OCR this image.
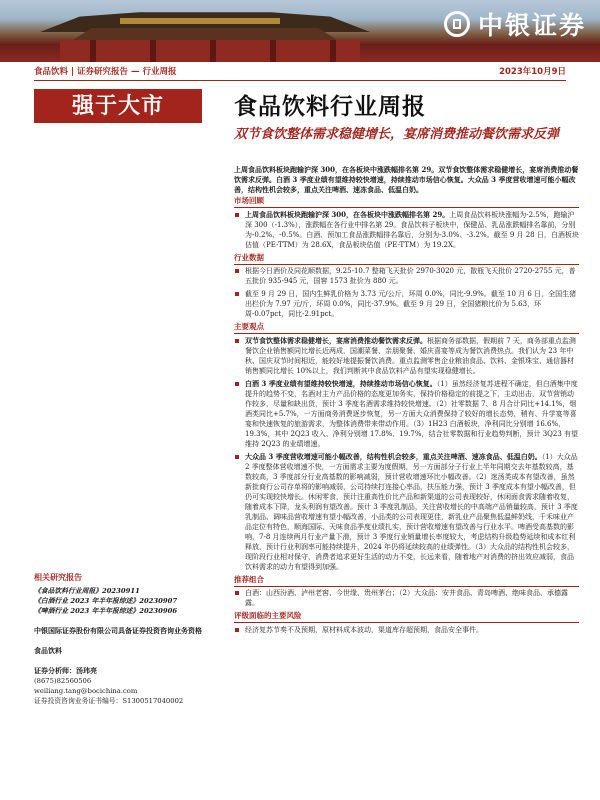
中银证券
食品饮料 | 证券研究报告 — 行业周报	2023年10月9日
强于大市	食品饮料行业周报
双节食饮整体需求稳健增长，宴席消费推动餐饮需求反弹
上周食品饮料板块跑输沪深 300，在各板块中涨跌幅排名第 29。双节食饮整体需求稳健增长，宴席消费推动餐饮需求反弹。白酒 3 季度业绩有望维持较快增速，持续推动市场信心恢复。大众品 3 季度营收增速可能小幅改善，结构性机会较多，重点关注啤酒、速冻食品、低温白奶。
市场回顾
上周食品饮料板块跑输沪深 300，在各板块中涨跌幅排名第 29。上周食品饮料板块涨幅为-2.5%，跑输沪深 300（-1.3%），涨跌幅在各行业中排名第 29。食品饮料子板块中，保健品、乳品涨跌幅排名靠前，分别为-0.2%、-0.5%。白酒、预加工食品涨跌幅排名靠后，分别为-3.0%、-3.2%。截至 9 月 28 日，白酒板块估值（PE-TTM）为 28.6X，食品板块估值（PE-TTM）为 19.2X。
行业数据
根据今日酒价及同花顺数据，9.25-10.7 整箱飞天批价 2970-3020 元，散瓶飞天批价 2720-2755 元，普五批价 935-945 元，国窖 1573 批价为 880 元。
截至 9 月 29 日，国内生鲜乳价格为 3.73 元/公斤，环周 0.0%，同比-9.9%。截至 10 月 6 日，全国生猪出栏价为 7.97 元/斤，环周 0.0%，同比-37.9%。截至 9 月 29 日，全国猪粮比价为 5.63，环周-0.07pct，同比-2.91pct。
主要观点
双节食饮整体需求稳健增长，宴席消费推动餐饮需求反弹。根据商务部数据，假期前 7 天，商务部重点监测餐饮企业销售额同比增长近两成，国潮菜餐、亲朋聚餐、婚庆喜宴等成为餐饮消费热点。我们认为 23 年中秋、国庆双节时间相近，能较好地提振餐饮消费。重点监测零售企业粮油食品、饮料、金银珠宝、通信器材销售额同比增长 10%以上，我们判断其中食品饮料产品有望实现稳健增长。
白酒 3 季度业绩有望维持较快增速，持续推动市场信心恢复。（1）虽然经济复苏进程不确定，但白酒集中度提升的趋势不变，名酒对主力产品价格的态度更加务实，保持价格稳定的前提之下，主动出击，双节营销动作较多，尽量和缺出货，预计 3 季度名酒需求维持较快增速。（2）社零数据 7、8 月合计同比+14.1%，烟酒类同比+5.7%，一方面商务消费逐步恢复，另一方面大众消费保持了较好的增长态势，稍有、升学宴等喜宴和快速恢复的旅游需求，为整体消费带来带动作用。（3）1H23 白酒板块，净利同比分别增 16.6%，19.3%，其中 2Q23 收入、净利分别增 17.8%、19.7%，结合社零数据和行业趋势判断，预计 3Q23 有望维持 2Q23 的业绩增速。
大众品 3 季度营收增速可能小幅改善，结构性机会较多，重点关注啤酒、速冻食品、低温白奶。（1）大众品 2 季度整体营收增速不快，一方面需求主要为度假期，另一方面部分子行业上半年同期交去年基数较高，基数较高，3 季度部分行业高基数的影响减弱，预计营收增速环比小幅改善。（2）迷汤类成本有望改善，虽然新批商行公司存单将的影响减弱，公司持续打连接心率品，扶压能力强，预计 3 季度成本有望小幅改善，但仍可实现较快增长。休闲零食，预计注重高性价比产品和新渠道的公司表现较好，休闲面食需求随着收复，随着成本下降，龙头利润有望改善。预计 3 季度乳制品，关注营收增长的中高端产品销量较高，预计 3 季度乳制品、调味品营收增速有望小幅改善，小品类的公司表现更佳，新乳业产品聚焦低温鲜奶线，千禾味业产品定位有特色，顺海国际、天味食品季度业绩扎实，预计营收增速有望改善与行业水平。啤酒受高基数的影响，7-8 月连续两月行业产量下滑，预计 3 季度行业销量增长率度较大，考虑结构升级趋势延续和成本红利释放，预计行业利润率可能持续提升，2024 年仍将延续较高的业绩弹性。（3）大众品的结构性机会较多，现阶段行业相对保守，消费者追求更好生活的动力不变，长远来看，随着地产对消费的挤出效应减弱，食品饮料需求的动力有望得到加强。
推荐组合
白酒：山西汾酒、泸州老窖、今世缘、贵州茅台；（2）大众品：安井食品、青岛啤酒、绝味食品、承德露露。
评级面临的主要风险
经济复苏节奏不及预期，原材料成本波动，渠道库存超预期，食品安全事件。
相关研究报告
《食品饮料行业周报》20230911
《白酒行业 2023 年半年报综述》20230907
《啤酒行业 2023 年半年报综述》20230906
中银国际证券股份有限公司具备证券投资咨询业务资格
食品饮料
证券分析师：汤玮亮
(8675)82560506
weiliang.tang@bocichina.com
证券投资咨询业务证书编号：S1300517040002
